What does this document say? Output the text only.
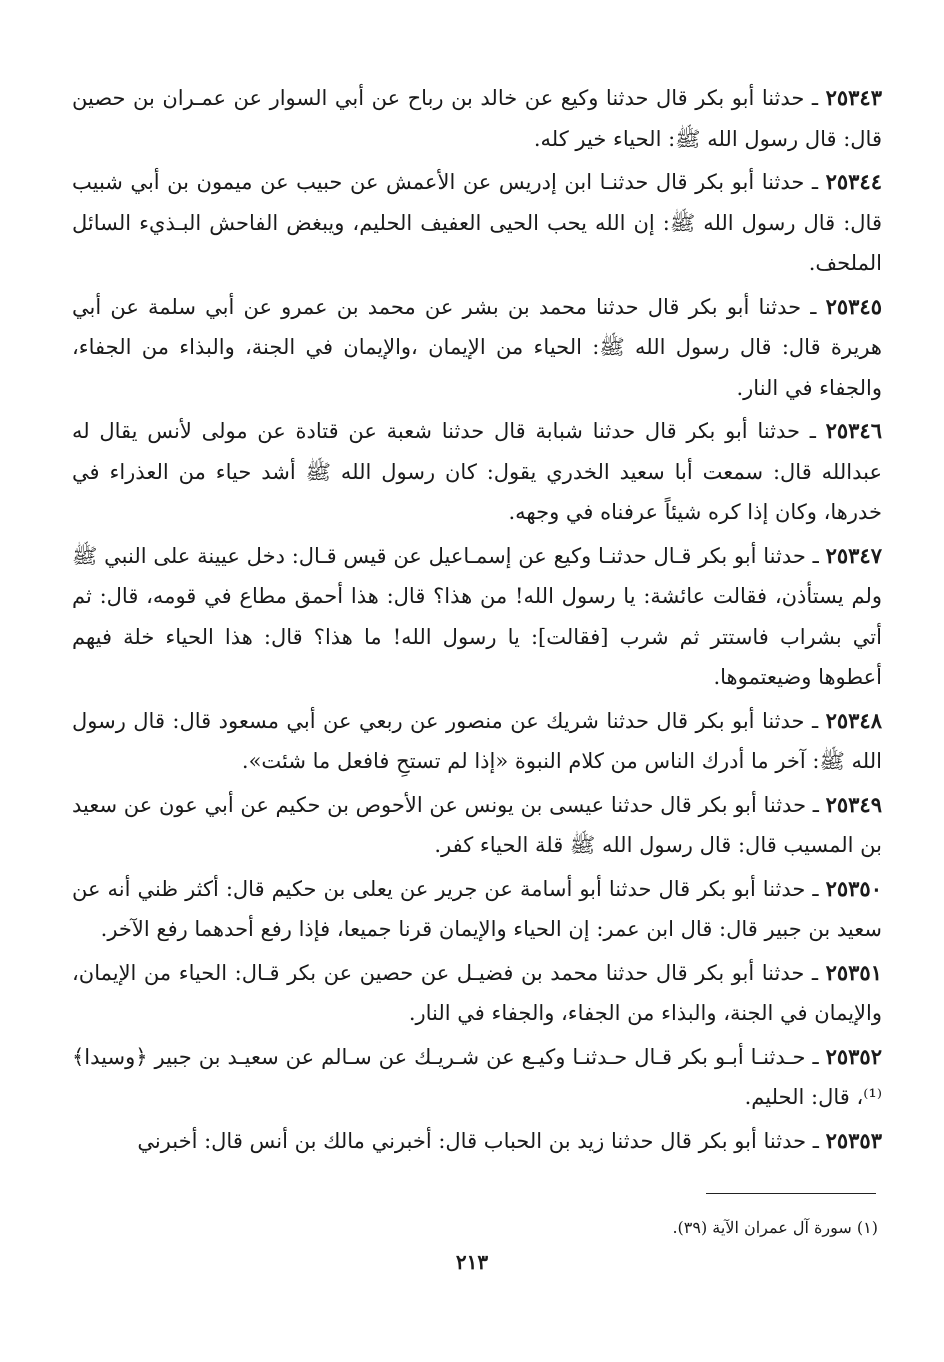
٢٥٣٤٣ ـ حدثنا أبو بكر قال حدثنا وكيع عن خالد بن رباح عن أبي السوار عن عمـران بن حصين قال: قال رسول الله ﷺ: الحياء خير كله.

٢٥٣٤٤ ـ حدثنا أبو بكر قال حدثنـا ابن إدريس عن الأعمش عن حبيب عن ميمون بن أبي شبيب قال: قال رسول الله ﷺ: إن الله يحب الحيى العفيف الحليم، ويبغض الفاحش البـذيء السائل الملحف.

٢٥٣٤٥ ـ حدثنا أبو بكر قال حدثنا محمد بن بشر عن محمد بن عمرو عن أبي سلمة عن أبي هريرة قال: قال رسول الله ﷺ: الحياء من الإيمان ،والإيمان في الجنة، والبذاء من الجفاء، والجفاء في النار.

٢٥٣٤٦ ـ حدثنا أبو بكر قال حدثنا شبابة قال حدثنا شعبة عن قتادة عن مولى لأنس يقال له عبدالله قال: سمعت أبا سعيد الخدري يقول: كان رسول الله ﷺ أشد حياء من العذراء في خدرها، وكان إذا كره شيئاً عرفناه في وجهه.

٢٥٣٤٧ ـ حدثنا أبو بكر قـال حدثنـا وكيع عن إسمـاعيل عن قيس قـال: دخل عيينة على النبي ﷺ ولم يستأذن، فقالت عائشة: يا رسول الله! من هذا؟ قال: هذا أحمق مطاع في قومه، قال: ثم أتي بشراب فاستتر ثم شرب [فقالت]: يا رسول الله! ما هذا؟ قال: هذا الحياء خلة فيهم أعطوها وضيعتموها.

٢٥٣٤٨ ـ حدثنا أبو بكر قال حدثنا شريك عن منصور عن ربعي عن أبي مسعود قال: قال رسول الله ﷺ: آخر ما أدرك الناس من كلام النبوة «إذا لم تستحِ فافعل ما شئت».

٢٥٣٤٩ ـ حدثنا أبو بكر قال حدثنا عيسى بن يونس عن الأحوص بن حكيم عن أبي عون عن سعيد بن المسيب قال: قال رسول الله ﷺ قلة الحياء كفر.

٢٥٣٥٠ ـ حدثنا أبو بكر قال حدثنا أبو أسامة عن جرير عن يعلى بن حكيم قال: أكثر ظني أنه عن سعيد بن جبير قال: قال ابن عمر: إن الحياء والإيمان قرنا جميعا، فإذا رفع أحدهما رفع الآخر.

٢٥٣٥١ ـ حدثنا أبو بكر قال حدثنا محمد بن فضيـل عن حصين عن بكر قـال: الحياء من الإيمان، والإيمان في الجنة، والبذاء من الجفاء، والجفاء في النار.

٢٥٣٥٢ ـ حـدثنـا أبـو بكر قـال حـدثنـا وكيـع عن شـريـك عن سـالم عن سعيـد بن جبير ﴿وسيدا﴾⁽¹⁾، قال: الحليم.

٢٥٣٥٣ ـ حدثنا أبو بكر قال حدثنا زيد بن الحباب قال: أخبرني مالك بن أنس قال: أخبرني

(١) سورة آل عمران الآية (٣٩).
٢١٣
